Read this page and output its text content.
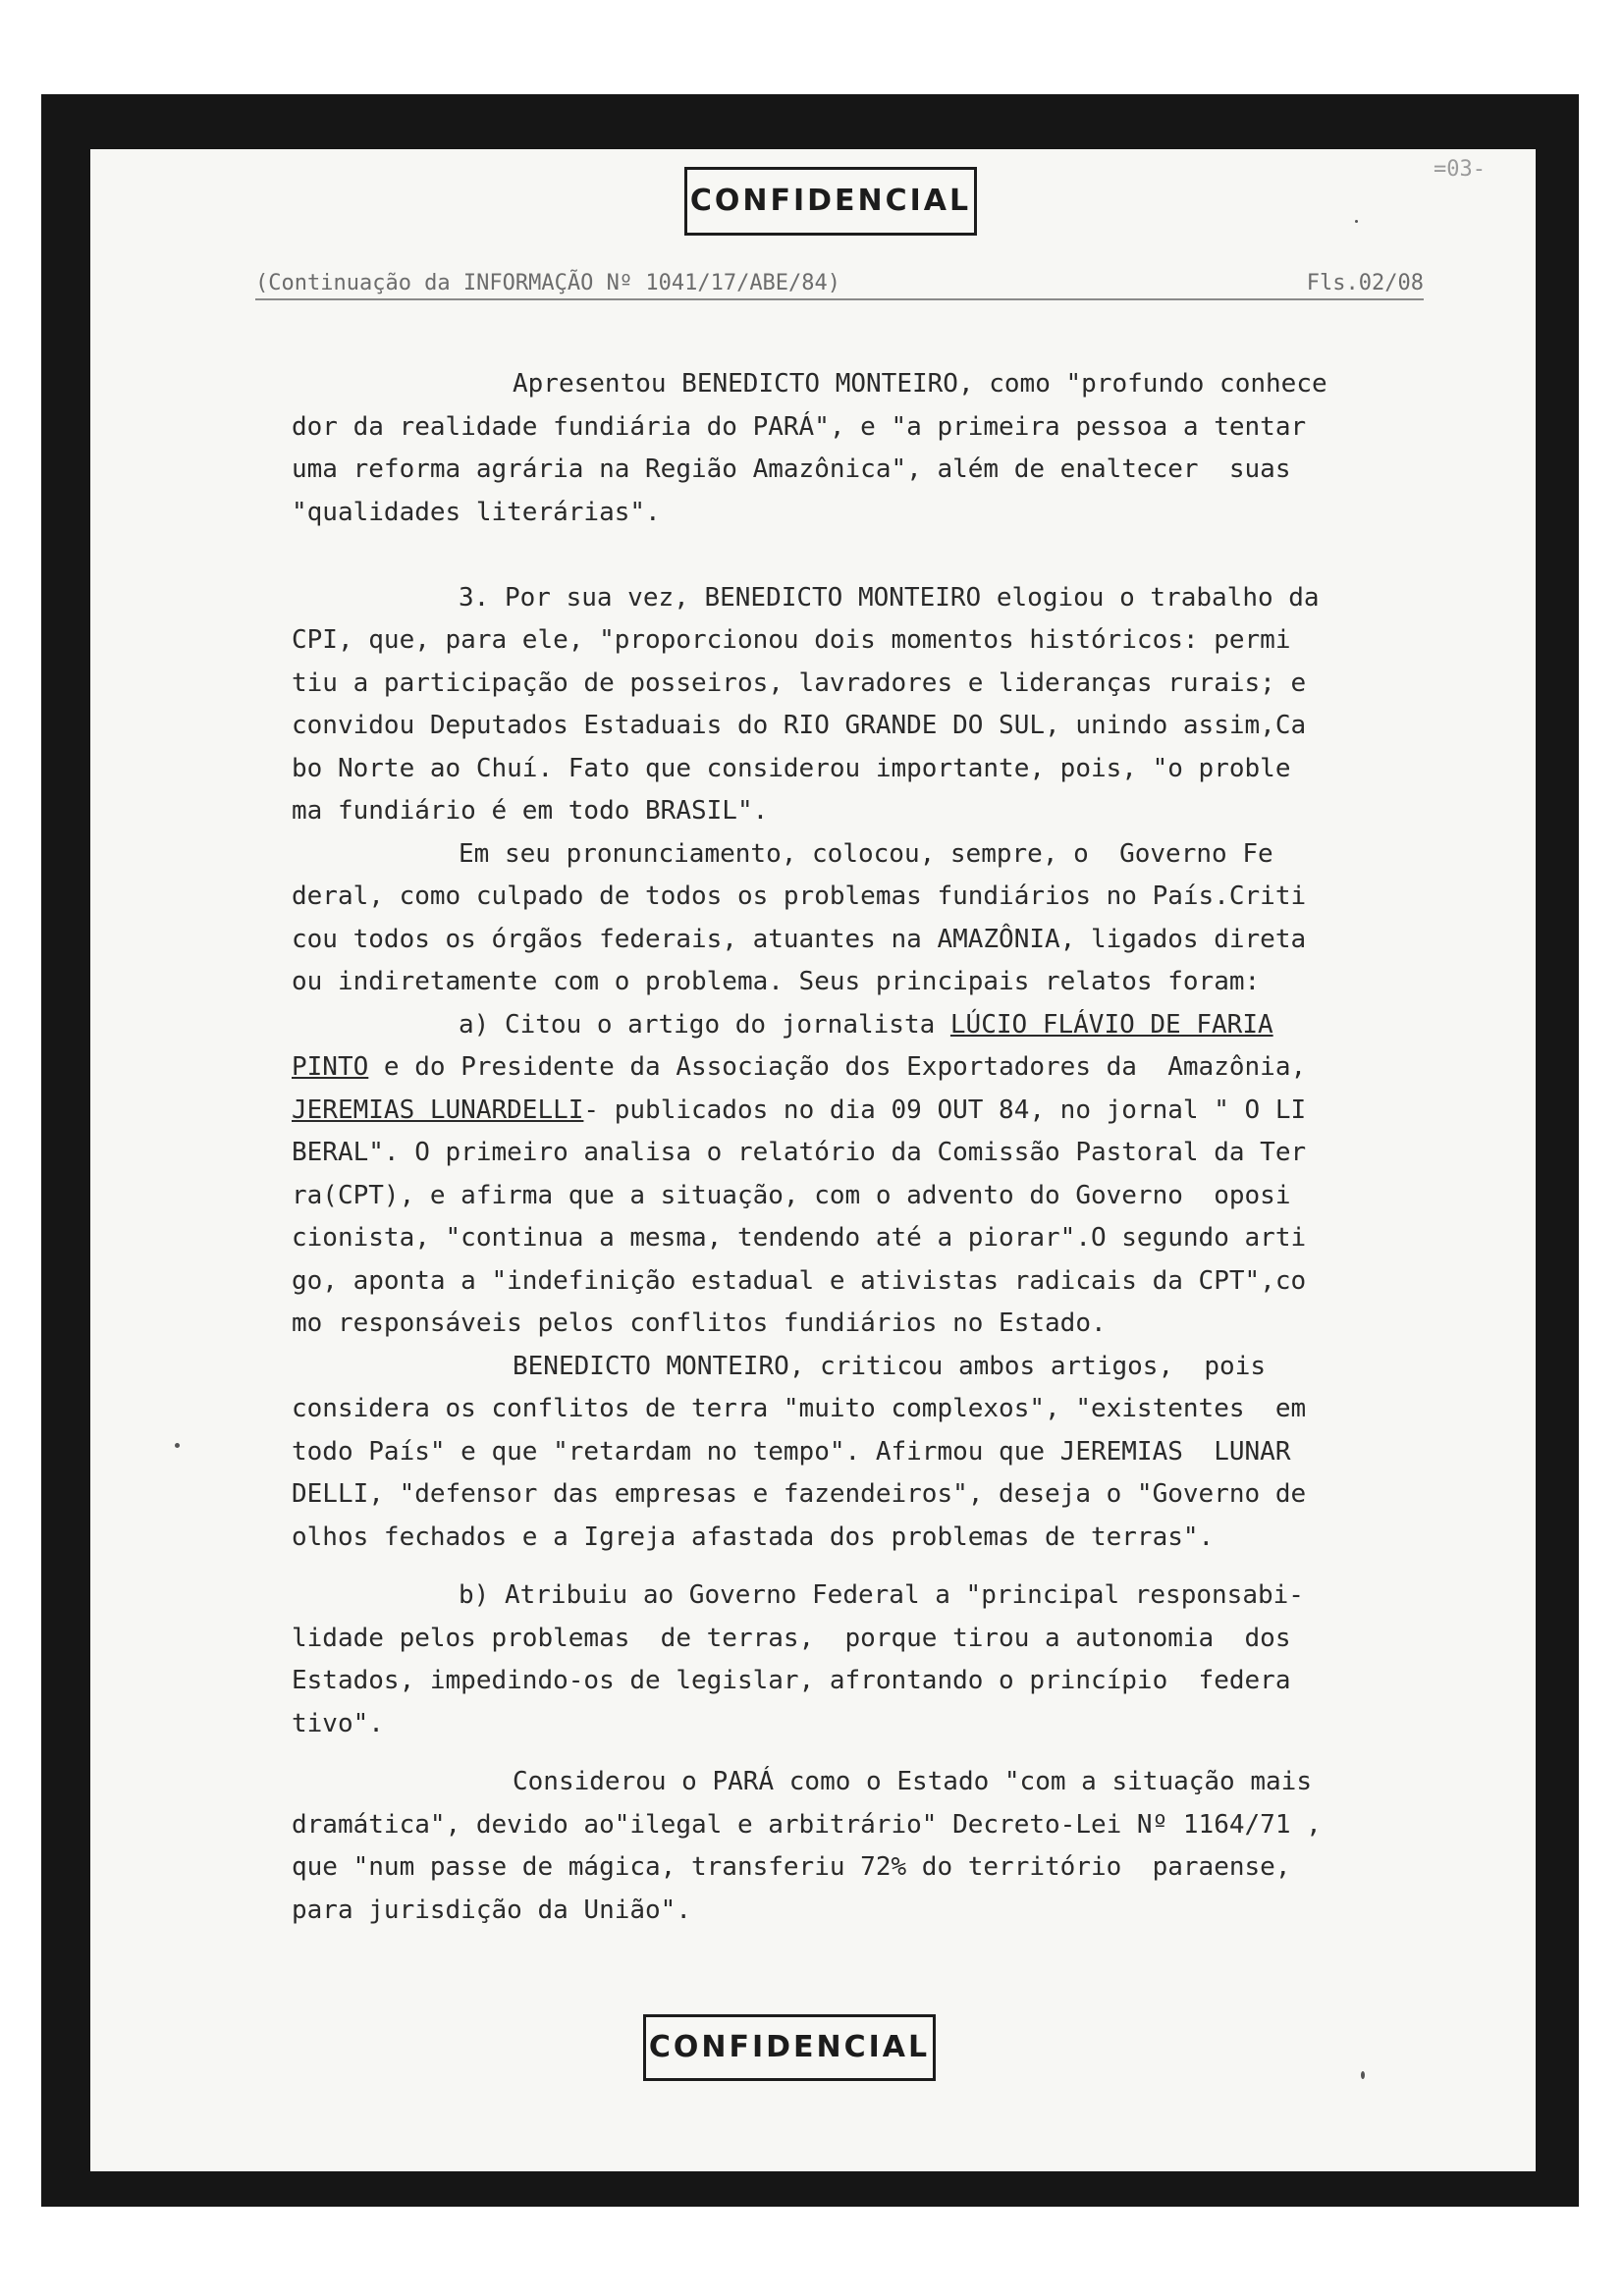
CONFIDENCIAL
=03-
(Continuação da INFORMAÇÃO Nº 1041/17/ABE/84)	Fls.02/08
Apresentou BENEDICTO MONTEIRO, como "profundo conhece
dor da realidade fundiária do PARÁ", e "a primeira pessoa a tentar
uma reforma agrária na Região Amazônica", além de enaltecer  suas
"qualidades literárias".
3. Por sua vez, BENEDICTO MONTEIRO elogiou o trabalho da
CPI, que, para ele, "proporcionou dois momentos históricos: permi
tiu a participação de posseiros, lavradores e lideranças rurais; e
convidou Deputados Estaduais do RIO GRANDE DO SUL, unindo assim,Ca
bo Norte ao Chuí. Fato que considerou importante, pois, "o proble
ma fundiário é em todo BRASIL".
Em seu pronunciamento, colocou, sempre, o  Governo Fe
deral, como culpado de todos os problemas fundiários no País.Criti
cou todos os órgãos federais, atuantes na AMAZÔNIA, ligados direta
ou indiretamente com o problema. Seus principais relatos foram:
a) Citou o artigo do jornalista LÚCIO FLÁVIO DE FARIA
PINTO e do Presidente da Associação dos Exportadores da  Amazônia,
JEREMIAS LUNARDELLI- publicados no dia 09 OUT 84, no jornal " O LI
BERAL". O primeiro analisa o relatório da Comissão Pastoral da Ter
ra(CPT), e afirma que a situação, com o advento do Governo  oposi
cionista, "continua a mesma, tendendo até a piorar".O segundo arti
go, aponta a "indefinição estadual e ativistas radicais da CPT",co
mo responsáveis pelos conflitos fundiários no Estado.
BENEDICTO MONTEIRO, criticou ambos artigos,  pois
considera os conflitos de terra "muito complexos", "existentes  em
todo País" e que "retardam no tempo". Afirmou que JEREMIAS  LUNAR
DELLI, "defensor das empresas e fazendeiros", deseja o "Governo de
olhos fechados e a Igreja afastada dos problemas de terras".
b) Atribuiu ao Governo Federal a "principal responsabi-
lidade pelos problemas  de terras,  porque tirou a autonomia  dos
Estados, impedindo-os de legislar, afrontando o princípio  federa
tivo".
Considerou o PARÁ como o Estado "com a situação mais
dramática", devido ao"ilegal e arbitrário" Decreto-Lei Nº 1164/71 ,
que "num passe de mágica, transferiu 72% do território  paraense,
para jurisdição da União".
CONFIDENCIAL
